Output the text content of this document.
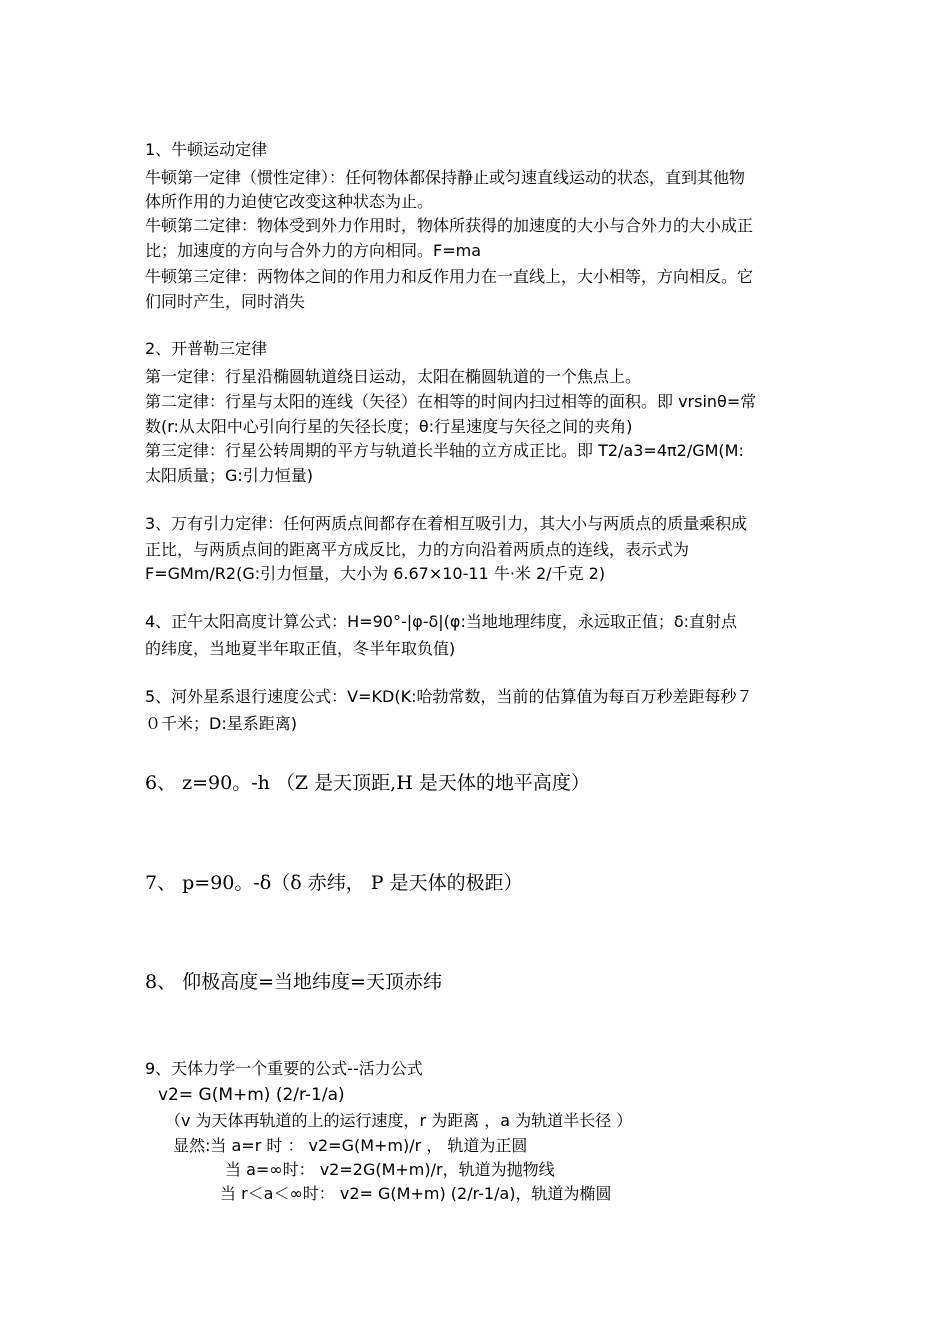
1、牛顿运动定律
牛顿第一定律（惯性定律）：任何物体都保持静止或匀速直线运动的状态，直到其他物
体所作用的力迫使它改变这种状态为止。
牛顿第二定律：物体受到外力作用时，物体所获得的加速度的大小与合外力的大小成正
比；加速度的方向与合外力的方向相同。F=ma
牛顿第三定律：两物体之间的作用力和反作用力在一直线上，大小相等，方向相反。它
们同时产生，同时消失
2、开普勒三定律
第一定律：行星沿椭圆轨道绕日运动，太阳在椭圆轨道的一个焦点上。
第二定律：行星与太阳的连线（矢径）在相等的时间内扫过相等的面积。即 vrsinθ=常
数(r:从太阳中心引向行星的矢径长度；θ:行星速度与矢径之间的夹角)
第三定律：行星公转周期的平方与轨道长半轴的立方成正比。即 T2/a3=4π2/GM(M:
太阳质量；G:引力恒量)
3、万有引力定律：任何两质点间都存在着相互吸引力，其大小与两质点的质量乘积成
正比，与两质点间的距离平方成反比，力的方向沿着两质点的连线，表示式为
F=GMm/R2(G:引力恒量，大小为 6.67×10-11 牛·米 2/千克 2)
4、正午太阳高度计算公式：H=90°-|φ-δ|(φ:当地地理纬度，永远取正值；δ:直射点
的纬度，当地夏半年取正值，冬半年取负值)
5、河外星系退行速度公式：V=KD(K:哈勃常数，当前的估算值为每百万秒差距每秒７
０千米；D:星系距离)
6、 z=90。-h （Z 是天顶距,H 是天体的地平高度）
7、 p=90。-δ（δ 赤纬， P 是天体的极距）
8、 仰极高度=当地纬度=天顶赤纬
9、天体力学一个重要的公式--活力公式
v2= G(M+m) (2/r-1/a)
（v 为天体再轨道的上的运行速度，r 为距离 ，a 为轨道半长径 ）
显然:当 a=r 时 ： v2=G(M+m)/r ， 轨道为正圆
当 a=∞时： v2=2G(M+m)/r，轨道为抛物线
当 r＜a＜∞时： v2= G(M+m) (2/r-1/a)，轨道为椭圆
